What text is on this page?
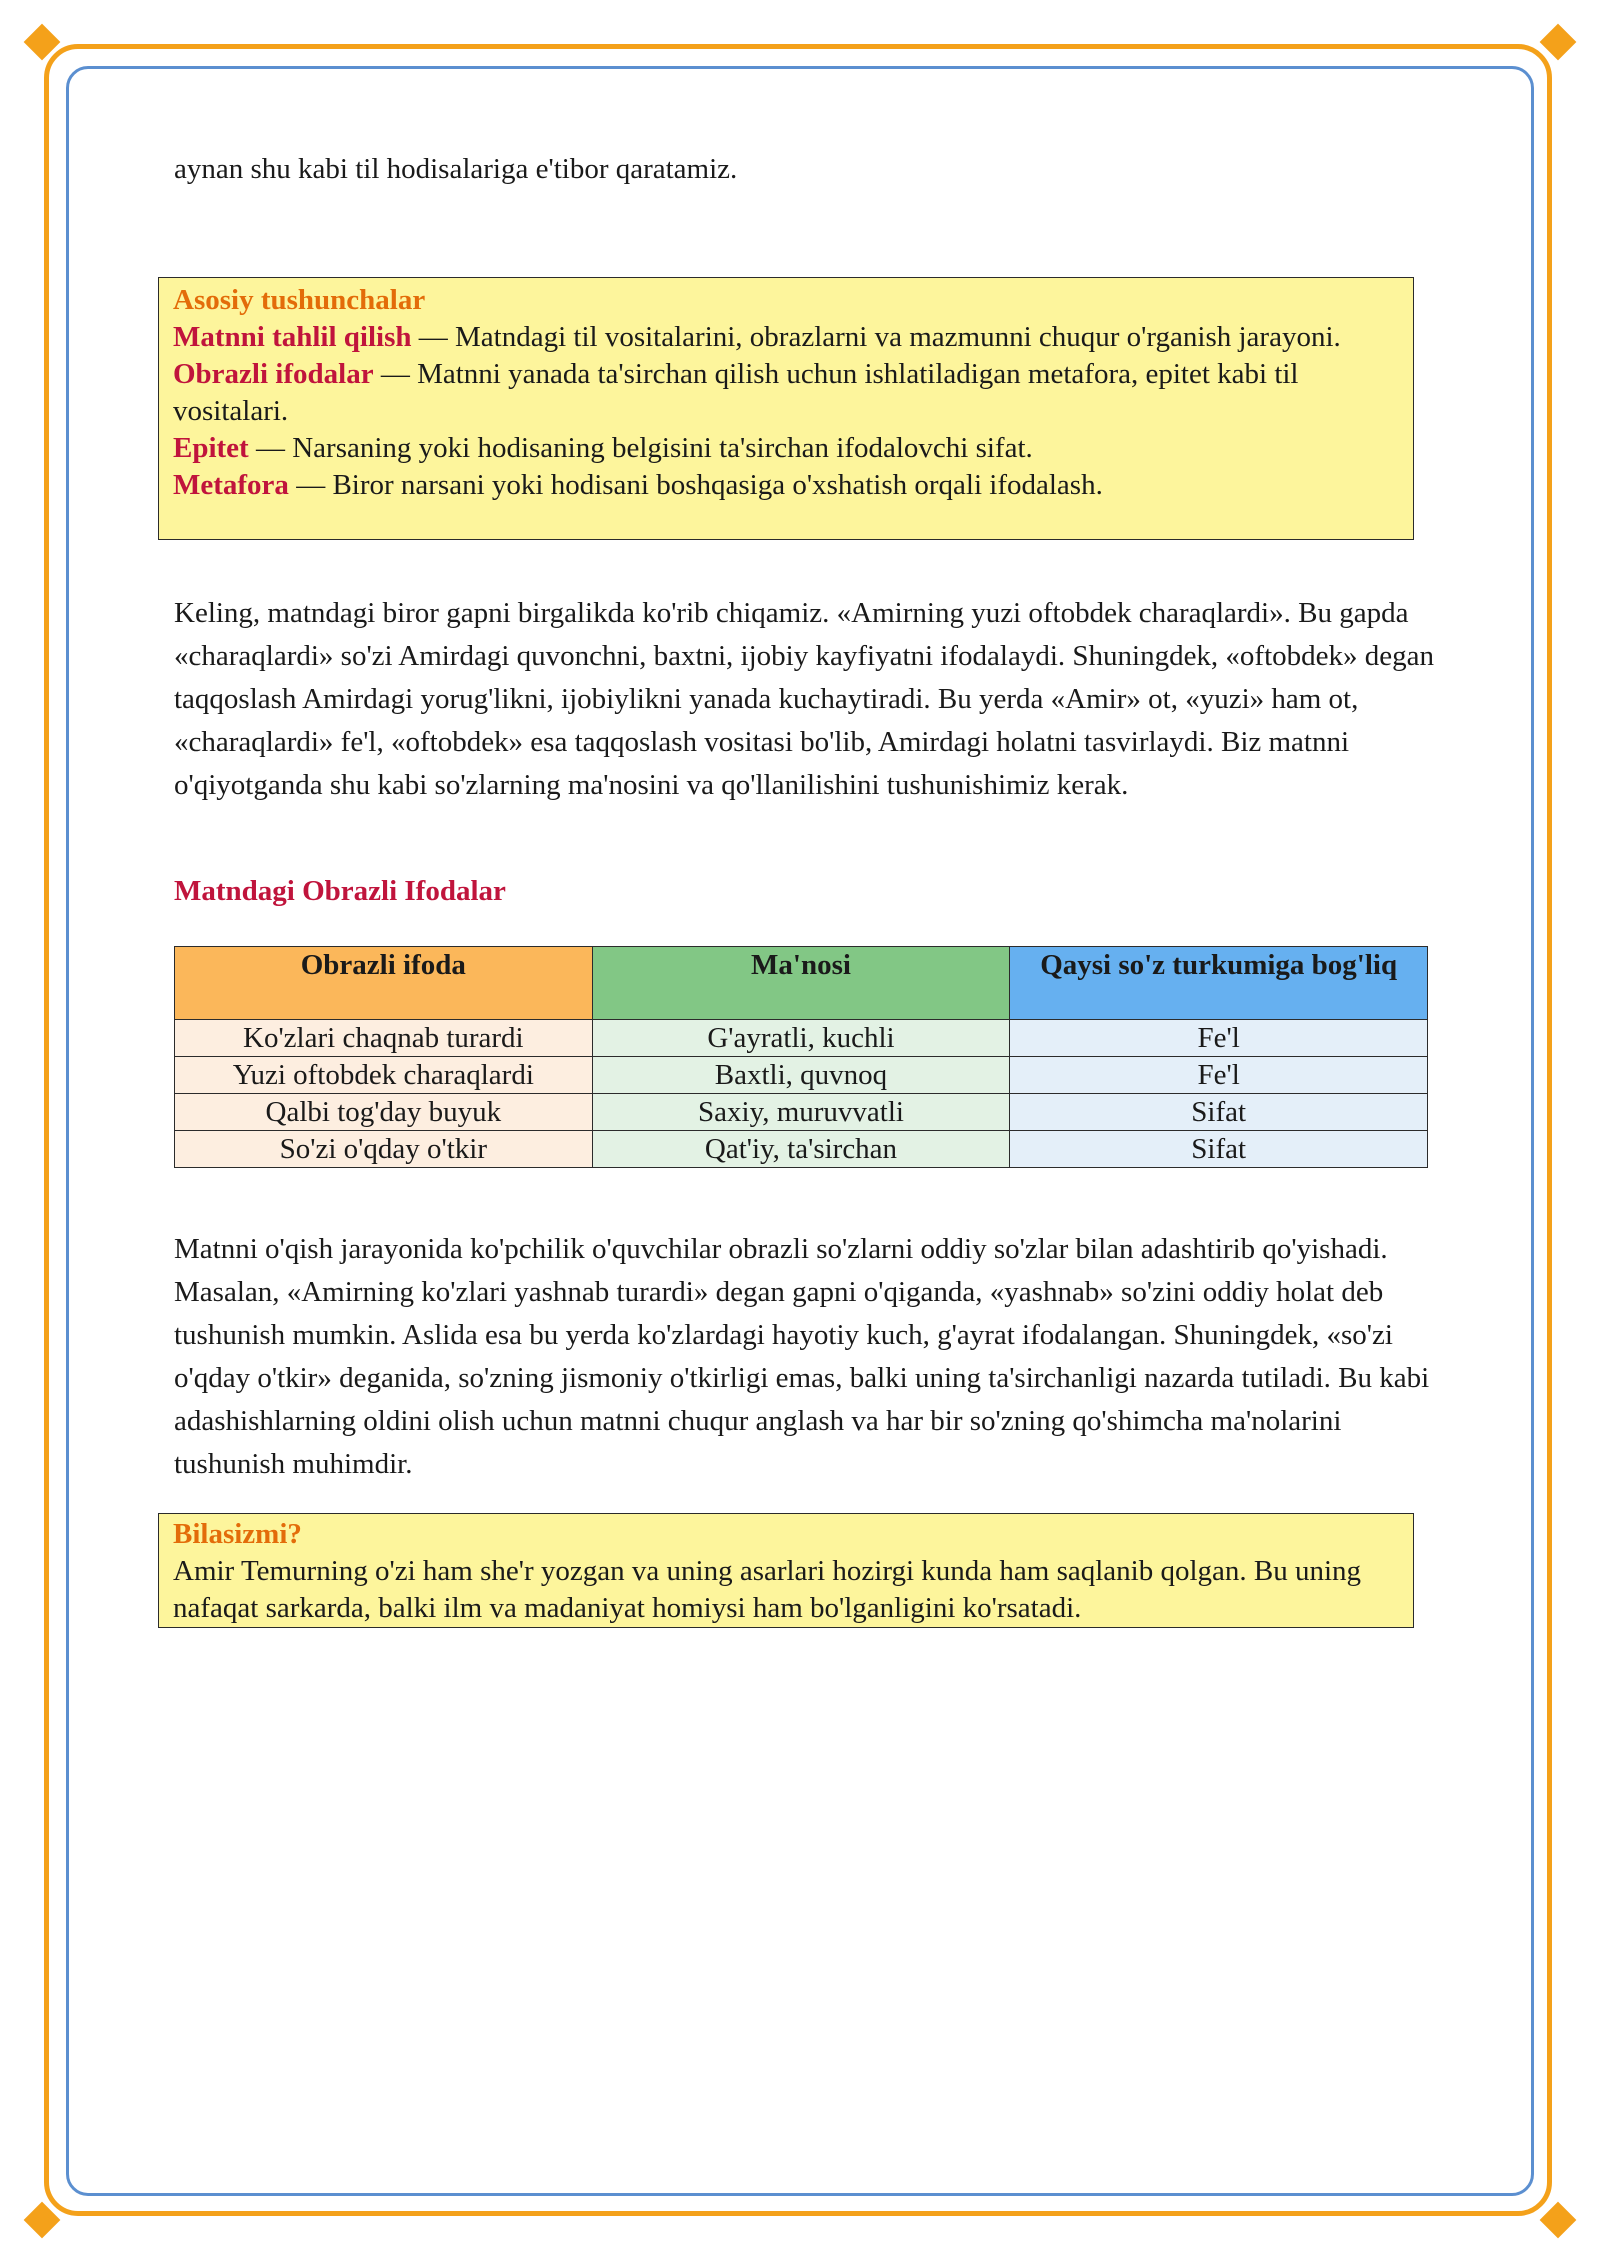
aynan shu kabi til hodisalariga e'tibor qaratamiz.

Asosiy tushunchalar
Matnni tahlil qilish — Matndagi til vositalarini, obrazlarni va mazmunni chuqur o'rganish jarayoni.
Obrazli ifodalar — Matnni yanada ta'sirchan qilish uchun ishlatiladigan metafora, epitet kabi til vositalari.
Epitet — Narsaning yoki hodisaning belgisini ta'sirchan ifodalovchi sifat.
Metafora — Biror narsani yoki hodisani boshqasiga o'xshatish orqali ifodalash.

Keling, matndagi biror gapni birgalikda ko'rib chiqamiz. «Amirning yuzi oftobdek charaqlardi». Bu gapda «charaqlardi» so'zi Amirdagi quvonchni, baxtni, ijobiy kayfiyatni ifodalaydi. Shuningdek, «oftobdek» degan taqqoslash Amirdagi yorug'likni, ijobiylikni yanada kuchaytiradi. Bu yerda «Amir» ot, «yuzi» ham ot, «charaqlardi» fe'l, «oftobdek» esa taqqoslash vositasi bo'lib, Amirdagi holatni tasvirlaydi. Biz matnni o'qiyotganda shu kabi so'zlarning ma'nosini va qo'llanilishini tushunishimiz kerak.

Matndagi Obrazli Ifodalar
Obrazli ifoda	Ma'nosi	Qaysi so'z turkumiga bog'liq
Ko'zlari chaqnab turardi	G'ayratli, kuchli	Fe'l
Yuzi oftobdek charaqlardi	Baxtli, quvnoq	Fe'l
Qalbi tog'day buyuk	Saxiy, muruvvatli	Sifat
So'zi o'qday o'tkir	Qat'iy, ta'sirchan	Sifat

Matnni o'qish jarayonida ko'pchilik o'quvchilar obrazli so'zlarni oddiy so'zlar bilan adashtirib qo'yishadi. Masalan, «Amirning ko'zlari yashnab turardi» degan gapni o'qiganda, «yashnab» so'zini oddiy holat deb tushunish mumkin. Aslida esa bu yerda ko'zlardagi hayotiy kuch, g'ayrat ifodalangan. Shuningdek, «so'zi o'qday o'tkir» deganida, so'zning jismoniy o'tkirligi emas, balki uning ta'sirchanligi nazarda tutiladi. Bu kabi adashishlarning oldini olish uchun matnni chuqur anglash va har bir so'zning qo'shimcha ma'nolarini tushunish muhimdir.

Bilasizmi?
Amir Temurning o'zi ham she'r yozgan va uning asarlari hozirgi kunda ham saqlanib qolgan. Bu uning nafaqat sarkarda, balki ilm va madaniyat homiysi ham bo'lganligini ko'rsatadi.
